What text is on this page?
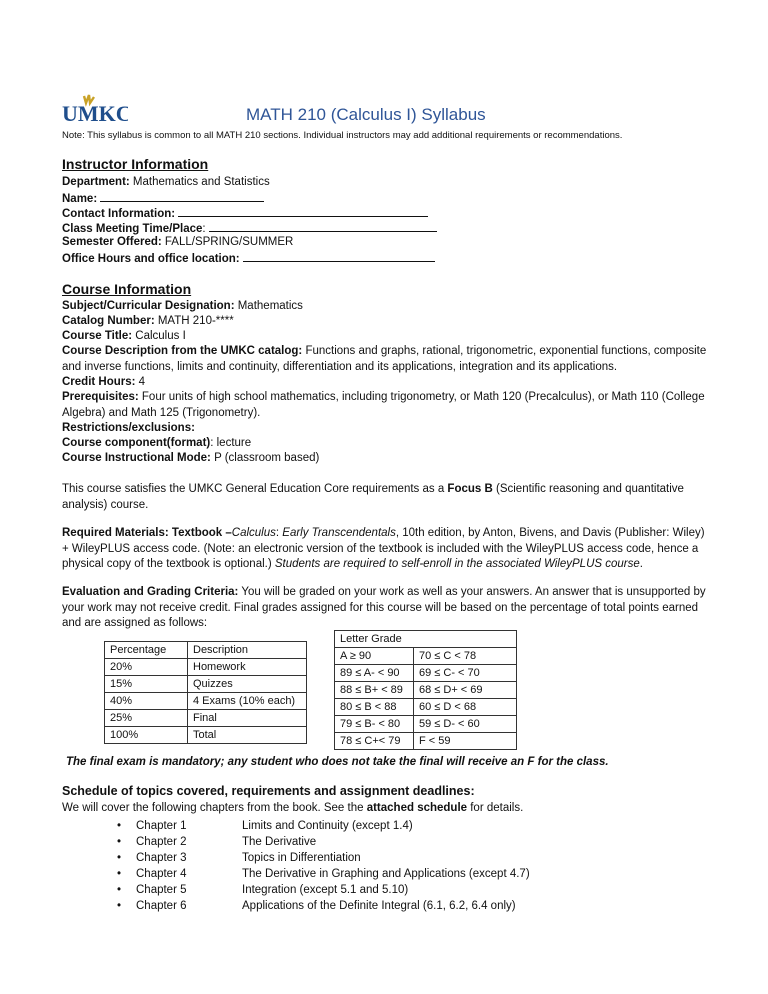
UMKC	MATH 210 (Calculus I) Syllabus
Note: This syllabus is common to all MATH 210 sections. Individual instructors may add additional requirements or recommendations.
Instructor Information
Department: Mathematics and Statistics
Name:
Contact Information:
Class Meeting Time/Place:
Semester Offered: FALL/SPRING/SUMMER
Office Hours and office location:
Course Information
Subject/Curricular Designation: Mathematics
Catalog Number: MATH 210-****
Course Title: Calculus I
Course Description from the UMKC catalog: Functions and graphs, rational, trigonometric, exponential functions, composite and inverse functions, limits and continuity, differentiation and its applications, integration and its applications.
Credit Hours: 4
Prerequisites: Four units of high school mathematics, including trigonometry, or Math 120 (Precalculus), or Math 110 (College Algebra) and Math 125 (Trigonometry).
Restrictions/exclusions:
Course component(format): lecture
Course Instructional Mode: P (classroom based)
This course satisfies the UMKC General Education Core requirements as a Focus B (Scientific reasoning and quantitative analysis) course.
Required Materials: Textbook –Calculus: Early Transcendentals, 10th edition, by Anton, Bivens, and Davis (Publisher: Wiley) + WileyPLUS access code. (Note: an electronic version of the textbook is included with the WileyPLUS access code, hence a physical copy of the textbook is optional.) Students are required to self-enroll in the associated WileyPLUS course.
Evaluation and Grading Criteria: You will be graded on your work as well as your answers. An answer that is unsupported by your work may not receive credit. Final grades assigned for this course will be based on the percentage of total points earned and are assigned as follows:
Percentage	Description
20%	Homework
15%	Quizzes
40%	4 Exams (10% each)
25%	Final
100%	Total
Letter Grade	
A ≥ 90	70 ≤ C < 78
89 ≤ A- < 90	69 ≤ C- < 70
88 ≤ B+ < 89	68 ≤ D+ < 69
80 ≤ B < 88	60 ≤ D < 68
79 ≤ B- < 80	59 ≤ D- < 60
78 ≤ C+< 79	F < 59
The final exam is mandatory; any student who does not take the final will receive an F for the class.
Schedule of topics covered, requirements and assignment deadlines:
We will cover the following chapters from the book. See the attached schedule for details.
• Chapter 1	Limits and Continuity (except 1.4)
• Chapter 2	The Derivative
• Chapter 3	Topics in Differentiation
• Chapter 4	The Derivative in Graphing and Applications (except 4.7)
• Chapter 5	Integration (except 5.1 and 5.10)
• Chapter 6	Applications of the Definite Integral (6.1, 6.2, 6.4 only)
